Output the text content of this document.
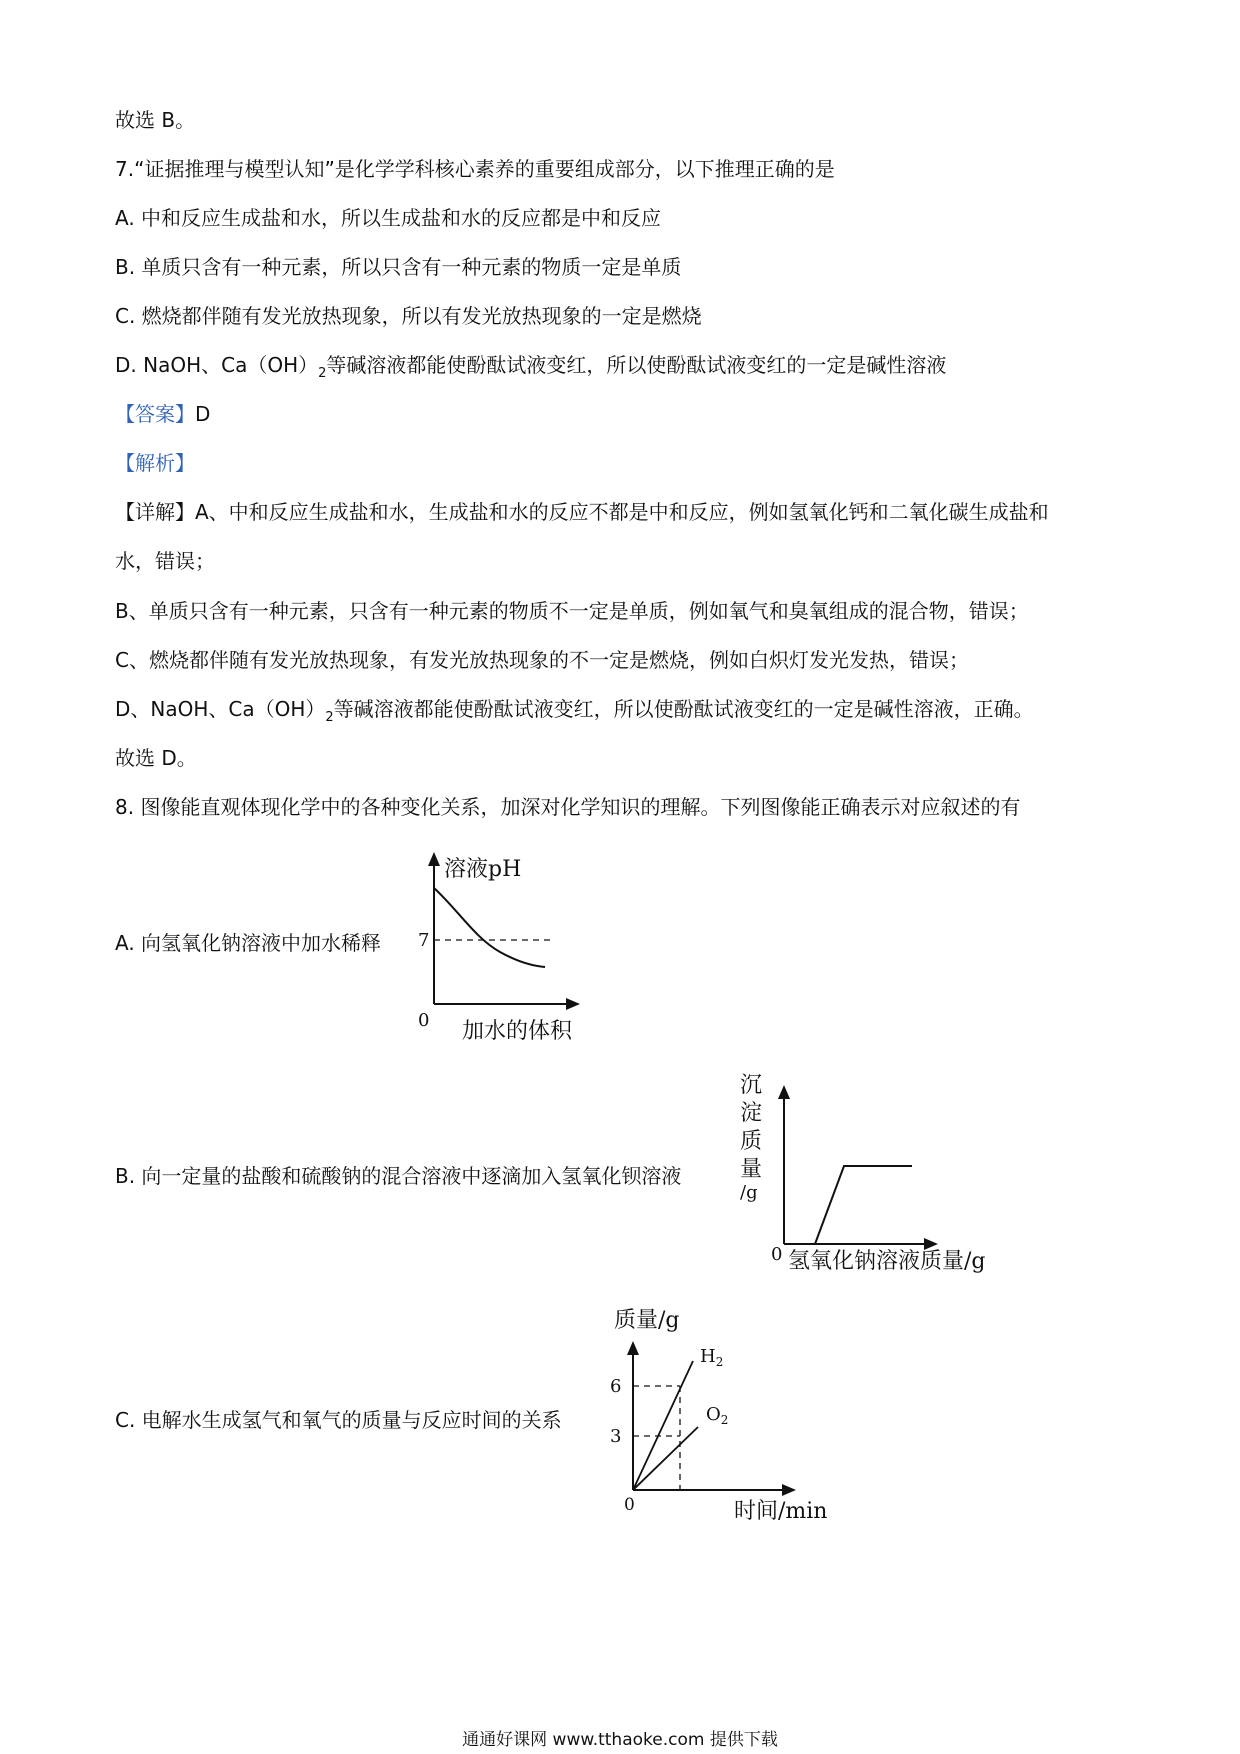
故选 B。
7.“证据推理与模型认知”是化学学科核心素养的重要组成部分，以下推理正确的是
A. 中和反应生成盐和水，所以生成盐和水的反应都是中和反应
B. 单质只含有一种元素，所以只含有一种元素的物质一定是单质
C. 燃烧都伴随有发光放热现象，所以有发光放热现象的一定是燃烧
D. NaOH、$Ca(OH)_2$等碱溶液都能使酚酞试液变红，所以使酚酞试液变红的一定是碱性溶液
【答案】D
【解析】
【详解】A、中和反应生成盐和水，生成盐和水的反应不都是中和反应，例如氢氧化钙和二氧化碳生成盐和
水，错误；
B、单质只含有一种元素，只含有一种元素的物质不一定是单质，例如氧气和臭氧组成的混合物，错误；
C、燃烧都伴随有发光放热现象，有发光放热现象的不一定是燃烧，例如白炽灯发光发热，错误；
D、NaOH、$Ca(OH)_2$等碱溶液都能使酚酞试液变红，所以使酚酞试液变红的一定是碱性溶液，正确。
故选 D。
8. 图像能直观体现化学中的各种变化关系，加深对化学知识的理解。下列图像能正确表示对应叙述的有
A. 向氢氧化钠溶液中加水稀释
B. 向一定量的盐酸和硫酸钠的混合溶液中逐滴加入氢氧化钡溶液
C. 电解水生成氢气和氧气的质量与反应时间的关系
溶液pH
加水的体积
0
7
沉
淀
质
量
/g
0 氢氧化钠溶液质量/g
质量/g
时间/min
0
6
3
$H_2$
$O_2$
通通好课网 www.tthaoke.com 提供下载
